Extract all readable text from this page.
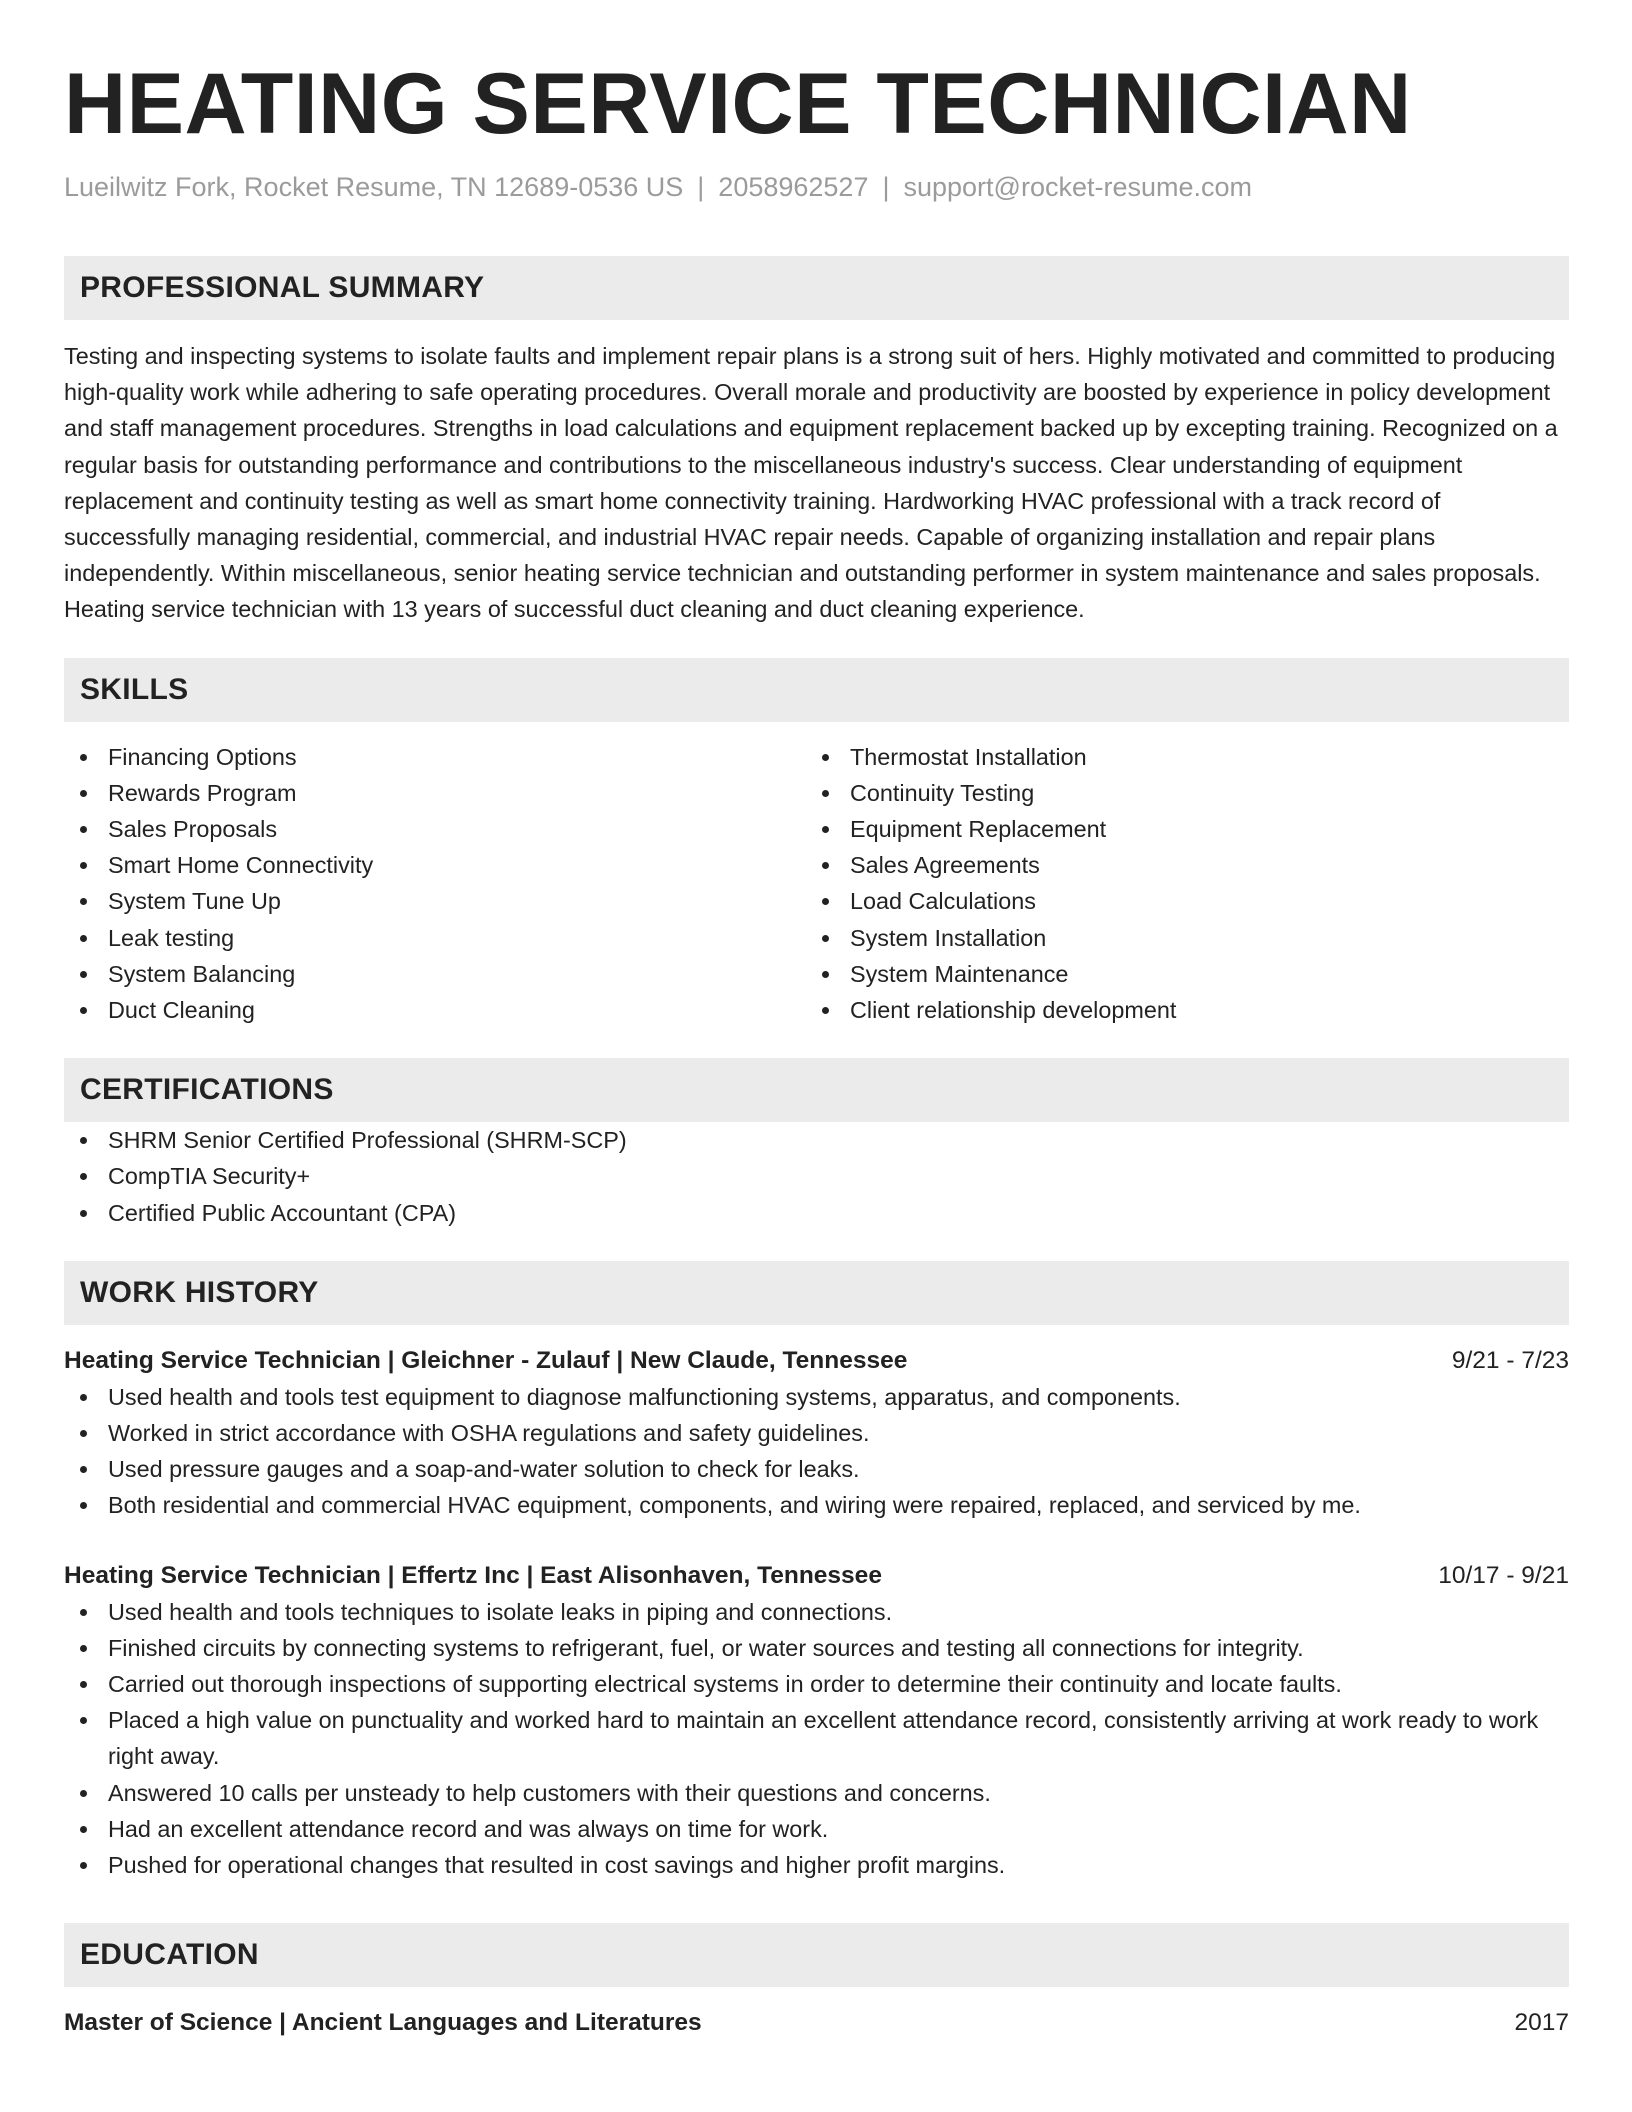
HEATING SERVICE TECHNICIAN
Lueilwitz Fork, Rocket Resume, TN 12689-0536 US | 2058962527 | support@rocket-resume.com
PROFESSIONAL SUMMARY

Testing and inspecting systems to isolate faults and implement repair plans is a strong suit of hers. Highly motivated and committed to producing high-quality work while adhering to safe operating procedures. Overall morale and productivity are boosted by experience in policy development and staff management procedures. Strengths in load calculations and equipment replacement backed up by excepting training. Recognized on a regular basis for outstanding performance and contributions to the miscellaneous industry's success. Clear understanding of equipment replacement and continuity testing as well as smart home connectivity training. Hardworking HVAC professional with a track record of successfully managing residential, commercial, and industrial HVAC repair needs. Capable of organizing installation and repair plans independently. Within miscellaneous, senior heating service technician and outstanding performer in system maintenance and sales proposals. Heating service technician with 13 years of successful duct cleaning and duct cleaning experience.

SKILLS
Financing Options
Rewards Program
Sales Proposals
Smart Home Connectivity
System Tune Up
Leak testing
System Balancing
Duct Cleaning
Thermostat Installation
Continuity Testing
Equipment Replacement
Sales Agreements
Load Calculations
System Installation
System Maintenance
Client relationship development
CERTIFICATIONS
SHRM Senior Certified Professional (SHRM-SCP)
CompTIA Security+
Certified Public Accountant (CPA)
WORK HISTORY
Heating Service Technician | Gleichner - Zulauf | New Claude, Tennessee	9/21 - 7/23
Used health and tools test equipment to diagnose malfunctioning systems, apparatus, and components.
Worked in strict accordance with OSHA regulations and safety guidelines.
Used pressure gauges and a soap-and-water solution to check for leaks.
Both residential and commercial HVAC equipment, components, and wiring were repaired, replaced, and serviced by me.
Heating Service Technician | Effertz Inc | East Alisonhaven, Tennessee	10/17 - 9/21
Used health and tools techniques to isolate leaks in piping and connections.
Finished circuits by connecting systems to refrigerant, fuel, or water sources and testing all connections for integrity.
Carried out thorough inspections of supporting electrical systems in order to determine their continuity and locate faults.
Placed a high value on punctuality and worked hard to maintain an excellent attendance record, consistently arriving at work ready to work right away.
Answered 10 calls per unsteady to help customers with their questions and concerns.
Had an excellent attendance record and was always on time for work.
Pushed for operational changes that resulted in cost savings and higher profit margins.
EDUCATION
Master of Science | Ancient Languages and Literatures	2017
